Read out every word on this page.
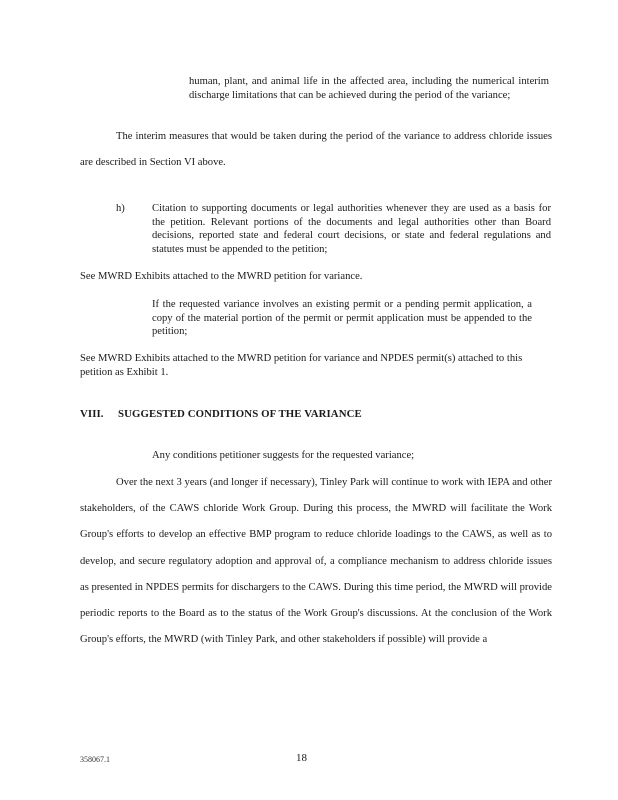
human, plant, and animal life in the affected area, including the numerical interim discharge limitations that can be achieved during the period of the variance;

The interim measures that would be taken during the period of the variance to address chloride issues are described in Section VI above.

h)	Citation to supporting documents or legal authorities whenever they are used as a basis for the petition. Relevant portions of the documents and legal authorities other than Board decisions, reported state and federal court decisions, or state and federal regulations and statutes must be appended to the petition;

See MWRD Exhibits attached to the MWRD petition for variance.

If the requested variance involves an existing permit or a pending permit application, a copy of the material portion of the permit or permit application must be appended to the petition;

See MWRD Exhibits attached to the MWRD petition for variance and NPDES permit(s) attached to this petition as Exhibit 1.

VIII. SUGGESTED CONDITIONS OF THE VARIANCE

Any conditions petitioner suggests for the requested variance;

Over the next 3 years (and longer if necessary), Tinley Park will continue to work with IEPA and other stakeholders, of the CAWS chloride Work Group. During this process, the MWRD will facilitate the Work Group's efforts to develop an effective BMP program to reduce chloride loadings to the CAWS, as well as to develop, and secure regulatory adoption and approval of, a compliance mechanism to address chloride issues as presented in NPDES permits for dischargers to the CAWS. During this time period, the MWRD will provide periodic reports to the Board as to the status of the Work Group's discussions. At the conclusion of the Work Group's efforts, the MWRD (with Tinley Park, and other stakeholders if possible) will provide a

358067.1	18
